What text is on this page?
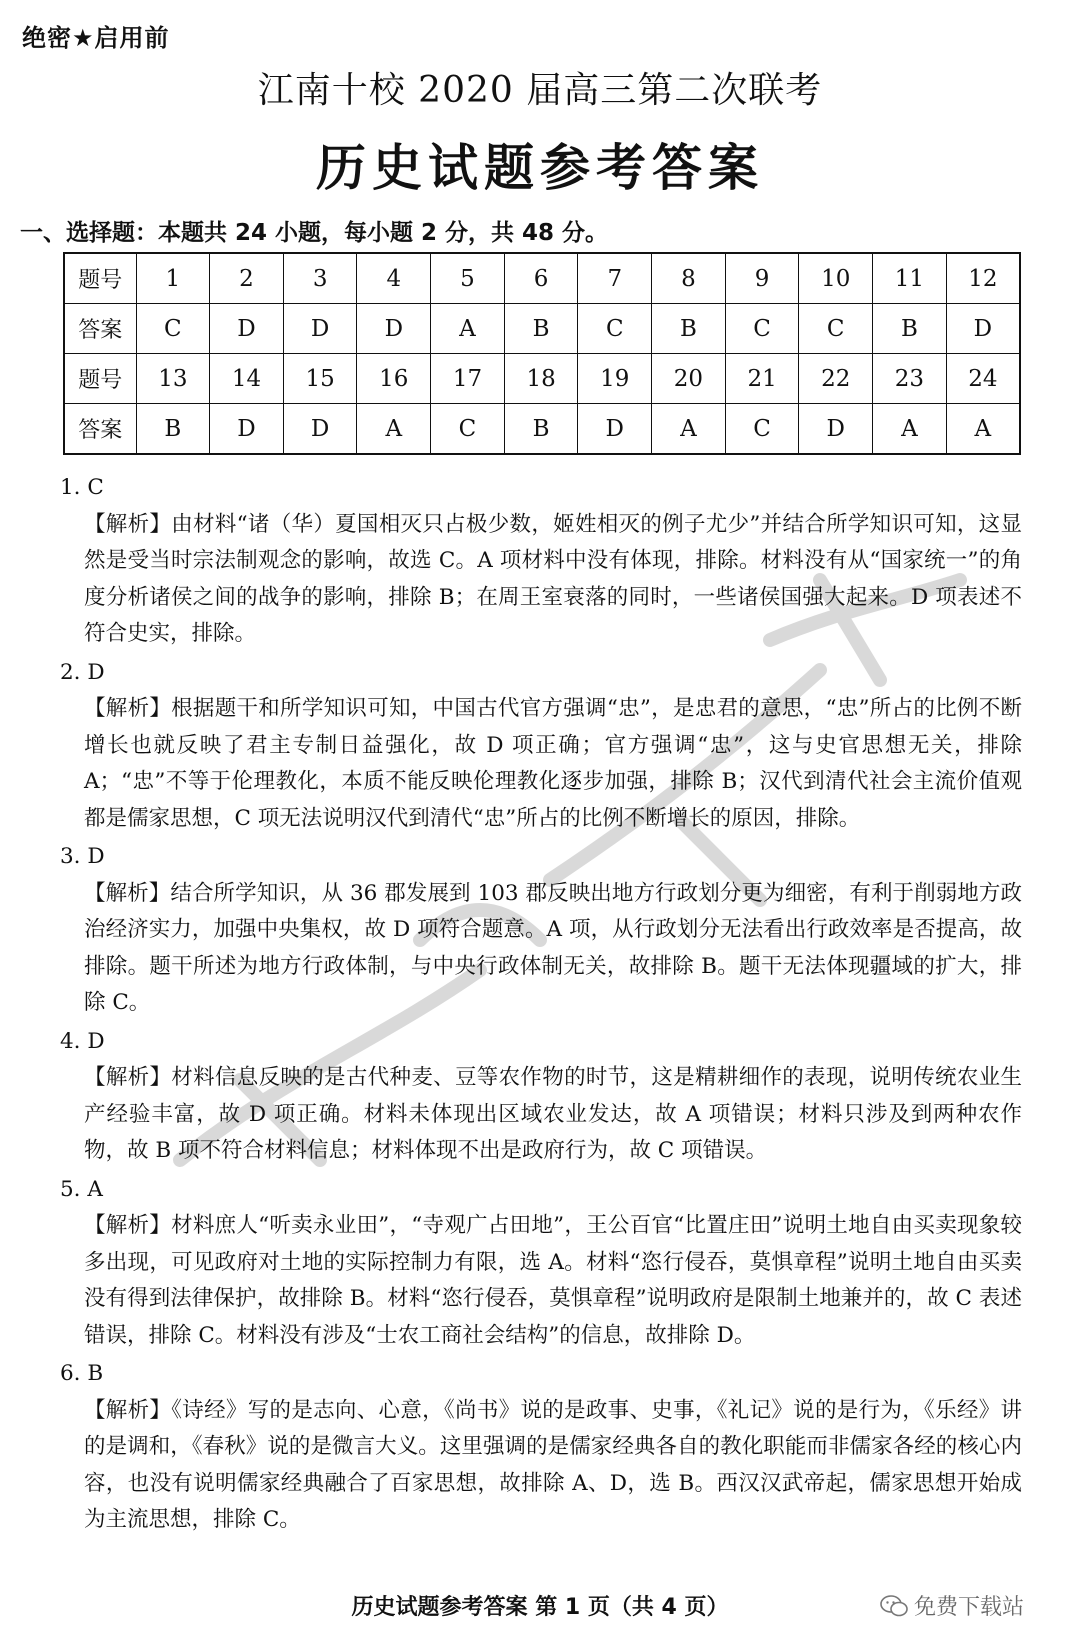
绝密★启用前
江南十校 2020 届高三第二次联考
历史试题参考答案
一、选择题：本题共 24 小题，每小题 2 分，共 48 分。
题号	1	2	3	4	5	6	7	8	9	10	11	12
答案	C	D	D	D	A	B	C	B	C	C	B	D
题号	13	14	15	16	17	18	19	20	21	22	23	24
答案	B	D	D	A	C	B	D	A	C	D	A	A

1. C

【解析】由材料“诸（华）夏国相灭只占极少数，姬姓相灭的例子尤少”并结合所学知识可知，这显然是受当时宗法制观念的影响，故选 C。A 项材料中没有体现，排除。材料没有从“国家统一”的角度分析诸侯之间的战争的影响，排除 B；在周王室衰落的同时，一些诸侯国强大起来。D 项表述不符合史实，排除。

2. D

【解析】根据题干和所学知识可知，中国古代官方强调“忠”，是忠君的意思，“忠”所占的比例不断增长也就反映了君主专制日益强化，故 D 项正确；官方强调“忠”，这与史官思想无关，排除 A；“忠”不等于伦理教化，本质不能反映伦理教化逐步加强，排除 B；汉代到清代社会主流价值观都是儒家思想，C 项无法说明汉代到清代“忠”所占的比例不断增长的原因，排除。

3. D

【解析】结合所学知识，从 36 郡发展到 103 郡反映出地方行政划分更为细密，有利于削弱地方政治经济实力，加强中央集权，故 D 项符合题意。A 项，从行政划分无法看出行政效率是否提高，故排除。题干所述为地方行政体制，与中央行政体制无关，故排除 B。题干无法体现疆域的扩大，排除 C。

4. D

【解析】材料信息反映的是古代种麦、豆等农作物的时节，这是精耕细作的表现，说明传统农业生产经验丰富，故 D 项正确。材料未体现出区域农业发达，故 A 项错误；材料只涉及到两种农作物，故 B 项不符合材料信息；材料体现不出是政府行为，故 C 项错误。

5. A

【解析】材料庶人“听卖永业田”，“寺观广占田地”，王公百官“比置庄田”说明土地自由买卖现象较多出现，可见政府对土地的实际控制力有限，选 A。材料“恣行侵吞，莫惧章程”说明土地自由买卖没有得到法律保护，故排除 B。材料“恣行侵吞，莫惧章程”说明政府是限制土地兼并的，故 C 表述错误，排除 C。材料没有涉及“士农工商社会结构”的信息，故排除 D。

6. B

【解析】《诗经》写的是志向、心意，《尚书》说的是政事、史事，《礼记》说的是行为，《乐经》讲的是调和，《春秋》说的是微言大义。这里强调的是儒家经典各自的教化职能而非儒家各经的核心内容，也没有说明儒家经典融合了百家思想，故排除 A、D，选 B。西汉汉武帝起，儒家思想开始成为主流思想，排除 C。

历史试题参考答案 第 1 页（共 4 页）	免费下载站
